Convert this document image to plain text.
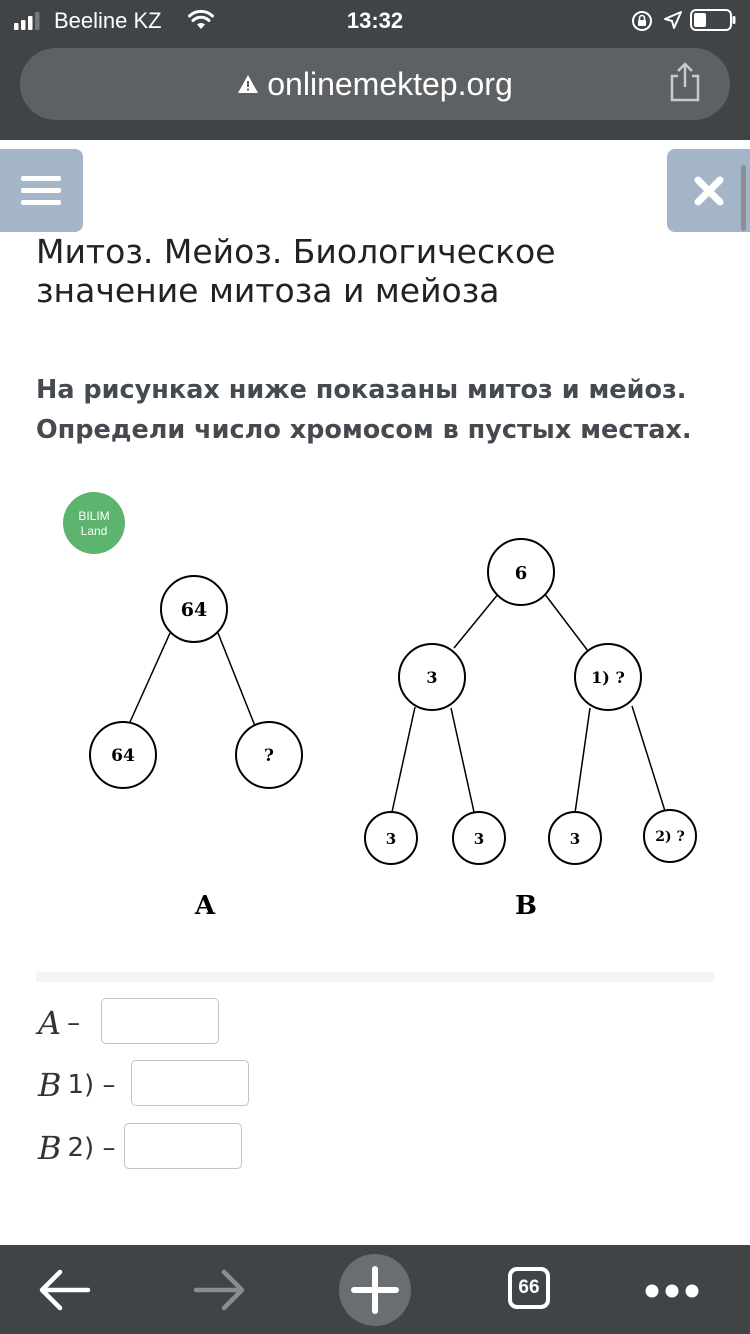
Beeline KZ	13:32
onlinemektep.org
Митоз. Мейоз. Биологическое
значение митоза и мейоза
На рисунках ниже показаны митоз и мейоз.
Определи число хромосом в пустых местах.
BILIM
Land
64
64	?
A
6
3	1) ?
3	3	3	2) ?
B
A –
B 1) –
B 2) –
66
